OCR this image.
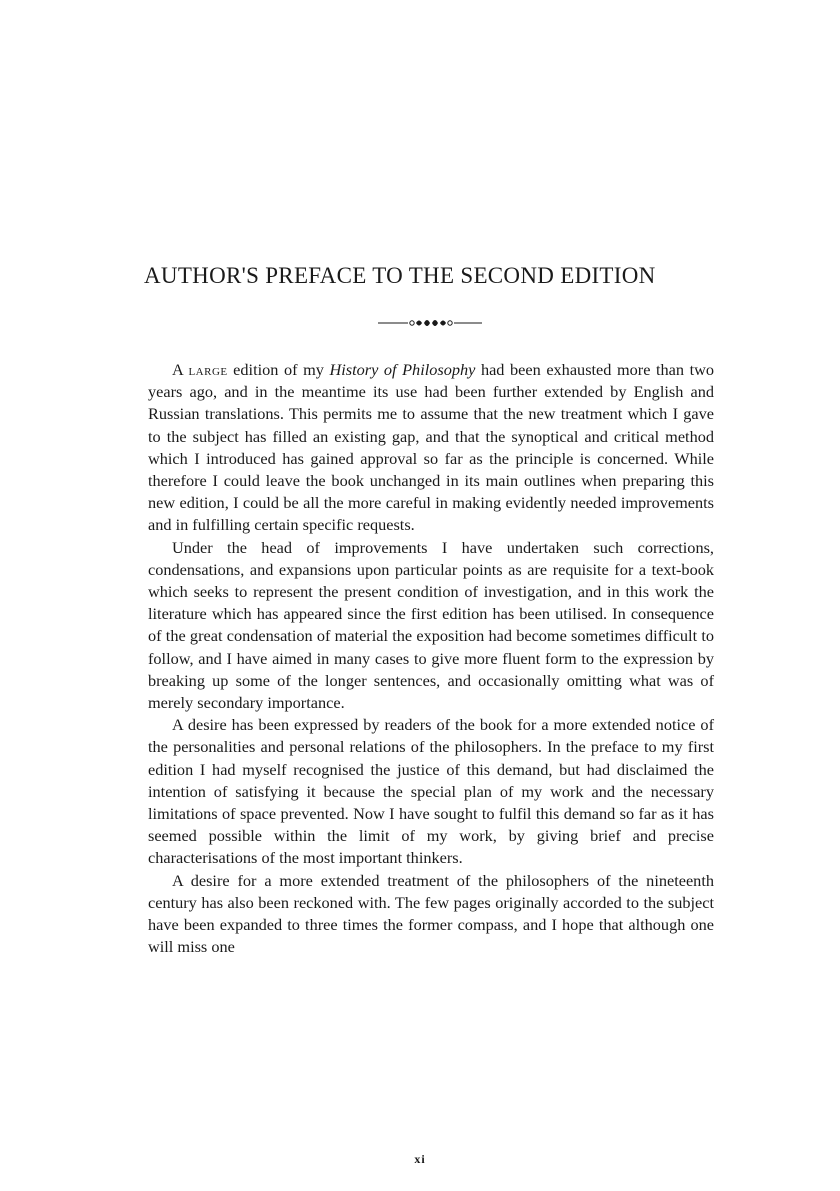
AUTHOR'S PREFACE TO THE SECOND EDITION

A large edition of my History of Philosophy had been exhausted more than two years ago, and in the meantime its use had been further extended by English and Russian translations. This permits me to assume that the new treatment which I gave to the subject has filled an existing gap, and that the synoptical and critical method which I introduced has gained approval so far as the principle is concerned. While therefore I could leave the book unchanged in its main outlines when preparing this new edition, I could be all the more careful in making evidently needed improvements and in fulfilling certain specific requests.

Under the head of improvements I have undertaken such corrections, condensations, and expansions upon particular points as are requisite for a text-book which seeks to represent the present condition of investigation, and in this work the literature which has appeared since the first edition has been utilised. In consequence of the great condensation of material the exposition had become sometimes difficult to follow, and I have aimed in many cases to give more fluent form to the expression by breaking up some of the longer sentences, and occasionally omitting what was of merely secondary importance.

A desire has been expressed by readers of the book for a more extended notice of the personalities and personal relations of the philosophers. In the preface to my first edition I had myself recognised the justice of this demand, but had disclaimed the intention of satisfying it because the special plan of my work and the necessary limitations of space prevented. Now I have sought to fulfil this demand so far as it has seemed possible within the limit of my work, by giving brief and precise characterisations of the most important thinkers.

A desire for a more extended treatment of the philosophers of the nineteenth century has also been reckoned with. The few pages originally accorded to the subject have been expanded to three times the former compass, and I hope that although one will miss one

xi
